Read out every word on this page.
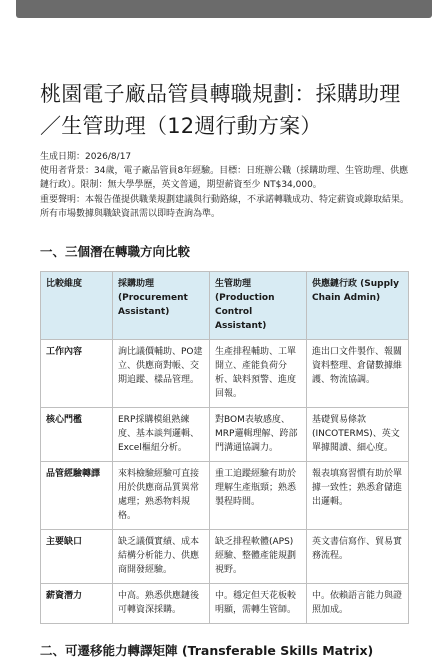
桃園電子廠品管員轉職規劃：採購助理／生管助理（12週行動方案）

生成日期：2026/8/17

使用者背景：34歲，電子廠品管員8年經驗。目標：日班辦公職（採購助理、生管助理、供應鏈行政）。限制：無大學學歷，英文普通，期望薪資至少 NT$34,000。

重要聲明：本報告僅提供職業規劃建議與行動路線，不承諾轉職成功、特定薪資或錄取結果。所有市場數據與職缺資訊需以即時查詢為準。

一、三個潛在轉職方向比較
比較維度	採購助理 (Procurement Assistant)	生管助理 (Production Control Assistant)	供應鏈行政 (Supply Chain Admin)
工作內容	詢比議價輔助、PO建立、供應商對帳、交期追蹤、樣品管理。	生產排程輔助、工單開立、產能負荷分析、缺料預警、進度回報。	進出口文件製作、報關資料整理、倉儲數據維護、物流協調。
核心門檻	ERP採購模組熟練度、基本談判邏輯、Excel樞紐分析。	對BOM表敏感度、MRP邏輯理解、跨部門溝通協調力。	基礎貿易條款(INCOTERMS)、英文單據閱讀、細心度。
品管經驗轉譯	來料檢驗經驗可直接用於供應商品質異常處理；熟悉物料規格。	重工追蹤經驗有助於理解生產瓶頸；熟悉製程時間。	報表填寫習慣有助於單據一致性；熟悉倉儲進出邏輯。
主要缺口	缺乏議價實績、成本結構分析能力、供應商開發經驗。	缺乏排程軟體(APS)經驗、整體產能規劃視野。	英文書信寫作、貿易實務流程。
薪資潛力	中高。熟悉供應鏈後可轉資深採購。	中。穩定但天花板較明顯，需轉生管師。	中。依賴語言能力與證照加成。
二、可遷移能力轉譯矩陣 (Transferable Skills Matrix)
